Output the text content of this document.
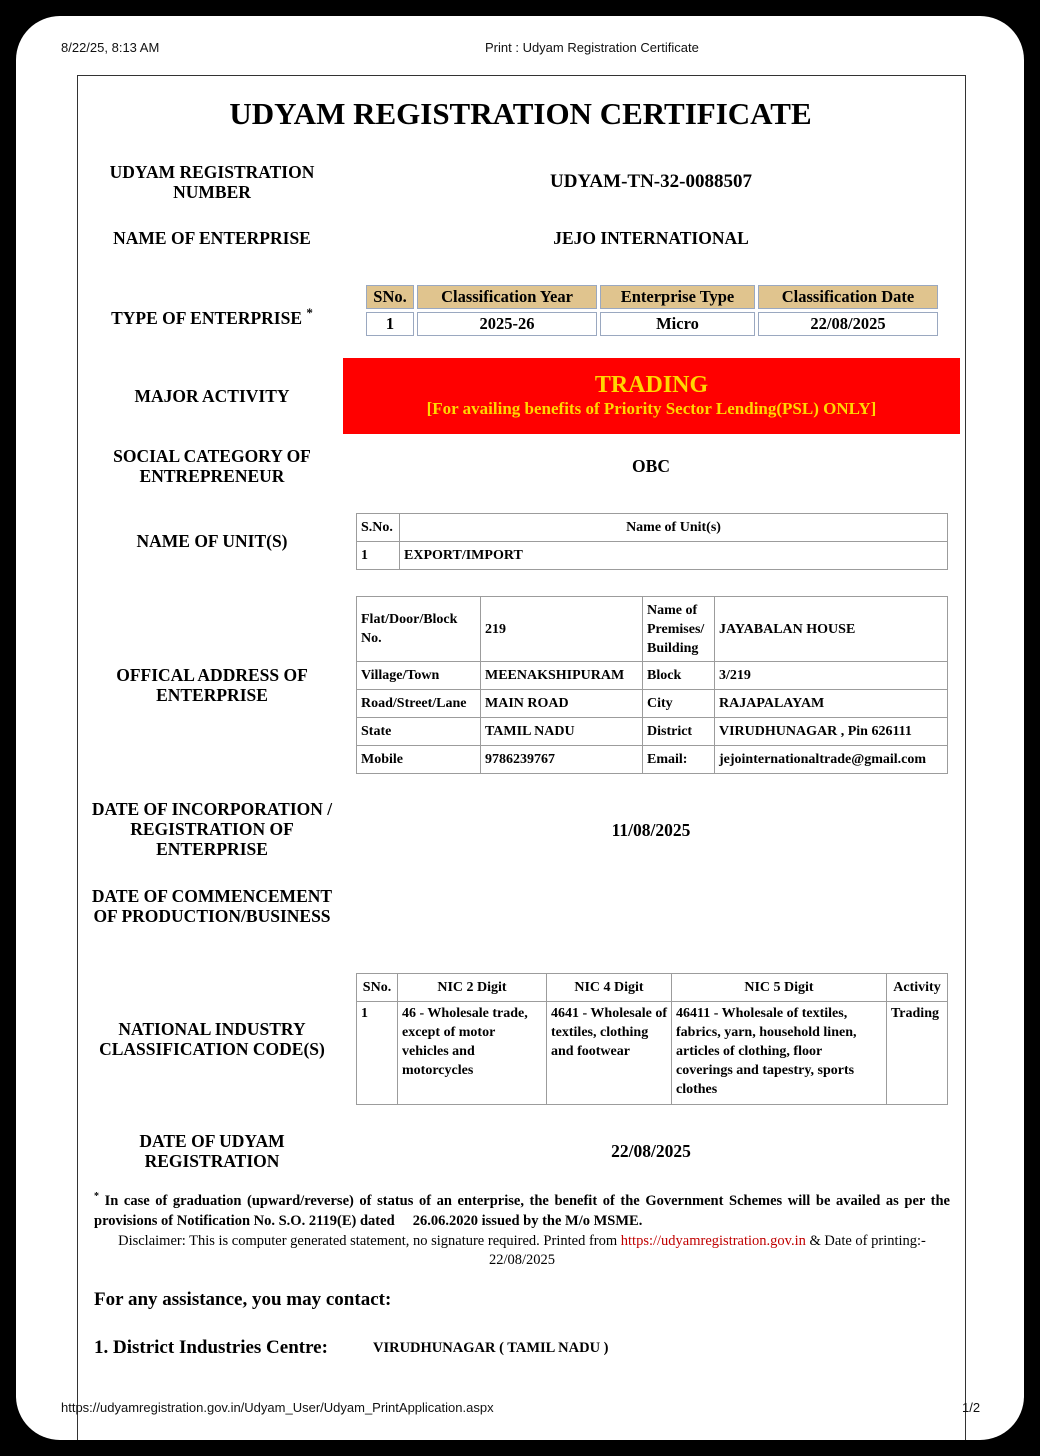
8/22/25, 8:13 AM	Print : Udyam Registration Certificate
UDYAM REGISTRATION CERTIFICATE
UDYAM REGISTRATION NUMBER	UDYAM-TN-32-0088507
NAME OF ENTERPRISE	JEJO INTERNATIONAL
TYPE OF ENTERPRISE *
SNo.	Classification Year	Enterprise Type	Classification Date
1	2025-26	Micro	22/08/2025
MAJOR ACTIVITY	TRADING
[For availing benefits of Priority Sector Lending(PSL) ONLY]
SOCIAL CATEGORY OF ENTREPRENEUR	OBC
NAME OF UNIT(S)
S.No.	Name of Unit(s)
1	EXPORT/IMPORT
OFFICAL ADDRESS OF ENTERPRISE
Flat/Door/Block No.	219	Name of Premises/ Building	JAYABALAN HOUSE
Village/Town	MEENAKSHIPURAM	Block	3/219
Road/Street/Lane	MAIN ROAD	City	RAJAPALAYAM
State	TAMIL NADU	District	VIRUDHUNAGAR , Pin 626111
Mobile	9786239767	Email:	jejointernationaltrade@gmail.com
DATE OF INCORPORATION / REGISTRATION OF ENTERPRISE
11/08/2025
DATE OF COMMENCEMENT OF PRODUCTION/BUSINESS
NATIONAL INDUSTRY CLASSIFICATION CODE(S)
SNo.	NIC 2 Digit	NIC 4 Digit	NIC 5 Digit	Activity
1	46 - Wholesale trade, except of motor vehicles and motorcycles	4641 - Wholesale of textiles, clothing and footwear	46411 - Wholesale of textiles, fabrics, yarn, household linen, articles of clothing, floor coverings and tapestry, sports clothes	Trading
DATE OF UDYAM REGISTRATION	22/08/2025
* In case of graduation (upward/reverse) of status of an enterprise, the benefit of the Government Schemes will be availed as per the provisions of Notification No. S.O. 2119(E) dated     26.06.2020 issued by the M/o MSME.
Disclaimer: This is computer generated statement, no signature required. Printed from https://udyamregistration.gov.in & Date of printing:-
22/08/2025
For any assistance, you may contact:
1. District Industries Centre:	VIRUDHUNAGAR ( TAMIL NADU )
https://udyamregistration.gov.in/Udyam_User/Udyam_PrintApplication.aspx	1/2
